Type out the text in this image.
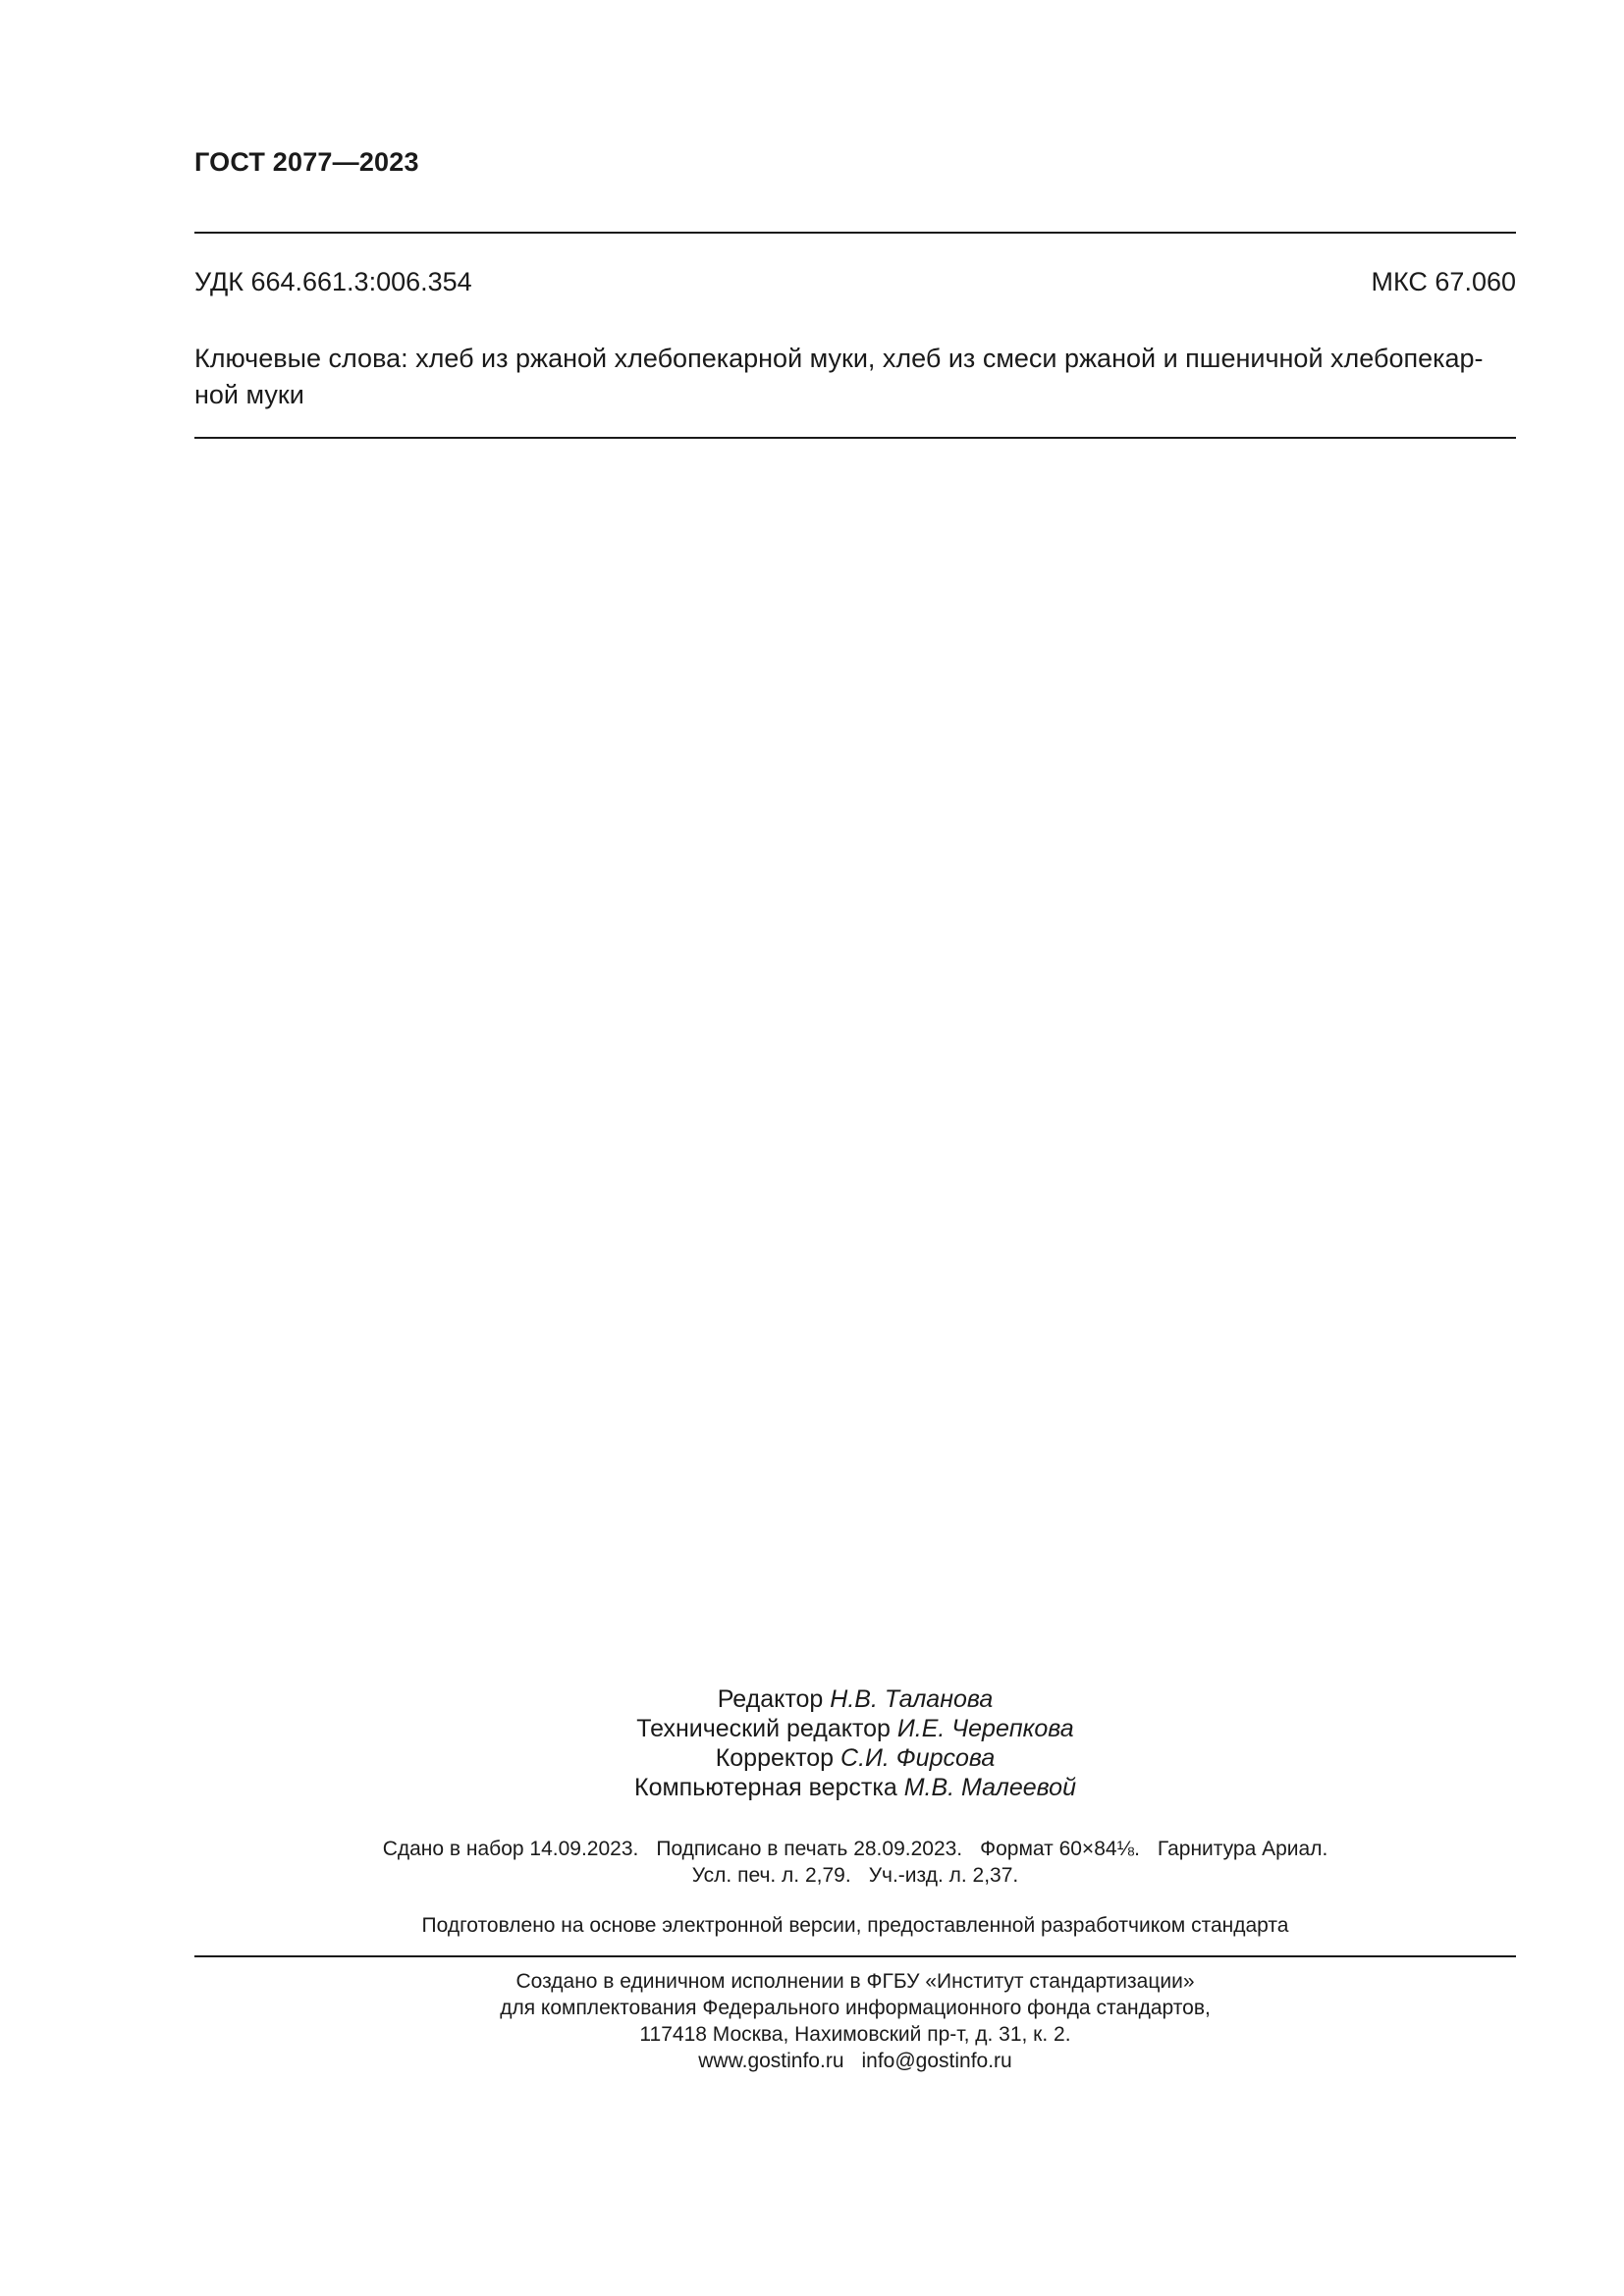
ГОСТ 2077—2023
УДК 664.661.3:006.354	МКС 67.060
Ключевые слова: хлеб из ржаной хлебопекарной муки, хлеб из смеси ржаной и пшеничной хлебопекар-
ной муки
Редактор Н.В. Таланова
Технический редактор И.Е. Черепкова
Корректор С.И. Фирсова
Компьютерная верстка М.В. Малеевой
Сдано в набор 14.09.2023. Подписано в печать 28.09.2023. Формат 60×84⅛. Гарнитура Ариал.
Усл. печ. л. 2,79. Уч.-изд. л. 2,37.
Подготовлено на основе электронной версии, предоставленной разработчиком стандарта
Создано в единичном исполнении в ФГБУ «Институт стандартизации»
для комплектования Федерального информационного фонда стандартов,
117418 Москва, Нахимовский пр-т, д. 31, к. 2.
www.gostinfo.ru info@gostinfo.ru
